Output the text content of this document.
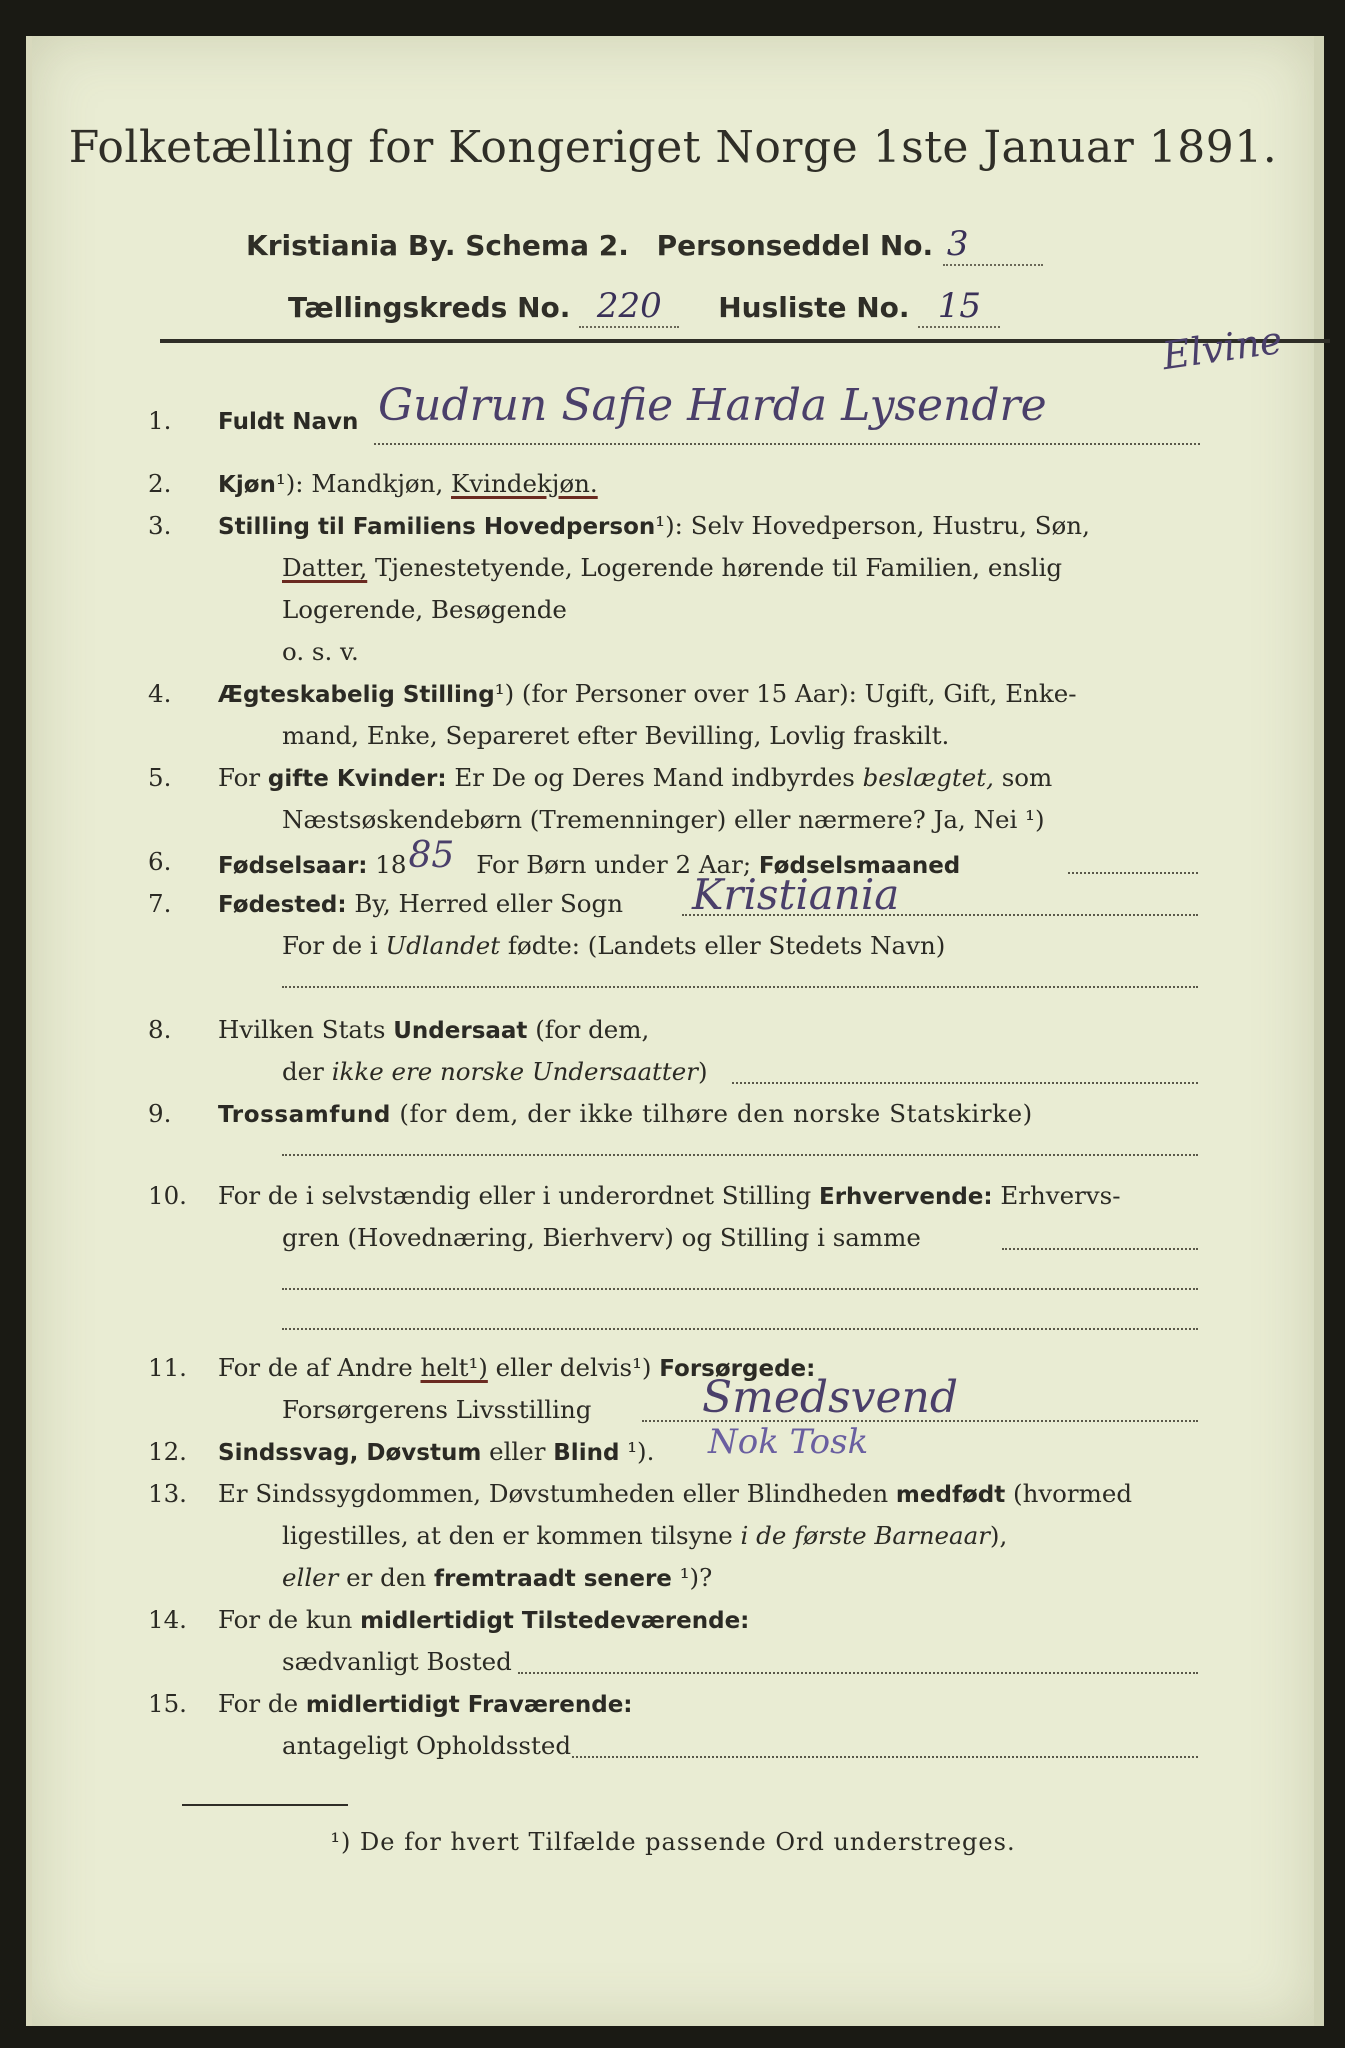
Folketælling for Kongeriget Norge 1ste Januar 1891.
Kristiania By. Schema 2. Personseddel No. 3
Tællingskreds No. 220 Husliste No. 15
1.	Fuldt Navn Gudrun Safie Harda Lysendre
Elvine
2.	Kjøn¹): Mandkjøn, Kvindekjøn.
3.	Stilling til Familiens Hovedperson¹): Selv Hovedperson, Hustru, Søn,
Datter, Tjenestetyende, Logerende hørende til Familien, enslig
Logerende, Besøgende
o. s. v.
4.	Ægteskabelig Stilling¹) (for Personer over 15 Aar): Ugift, Gift, Enke-
mand, Enke, Separeret efter Bevilling, Lovlig fraskilt.
5.	For gifte Kvinder: Er De og Deres Mand indbyrdes beslægtet, som
Næstsøskendebørn (Tremenninger) eller nærmere? Ja, Nei ¹)
6.	Fødselsaar: 1885 For Børn under 2 Aar; Fødselsmaaned
7.	Fødested: By, Herred eller Sogn Kristiania
For de i Udlandet fødte: (Landets eller Stedets Navn)
8.	Hvilken Stats Undersaat (for dem,
der ikke ere norske Undersaatter)
9.	Trossamfund (for dem, der ikke tilhøre den norske Statskirke)
10.	For de i selvstændig eller i underordnet Stilling Erhvervende: Erhvervs-
gren (Hovednæring, Bierhverv) og Stilling i samme
11.	For de af Andre helt¹) eller delvis¹) Forsørgede:
Forsørgerens Livsstilling	Smedsvend
12.	Sindssvag, Døvstum eller Blind ¹). Nok Tosk
13.	Er Sindssygdommen, Døvstumheden eller Blindheden medfødt (hvormed
ligestilles, at den er kommen tilsyne i de første Barneaar),
eller er den fremtraadt senere ¹)?
14.	For de kun midlertidigt Tilstedeværende:
sædvanligt Bosted
15.	For de midlertidigt Fraværende:
antageligt Opholdssted
¹) De for hvert Tilfælde passende Ord understreges.
